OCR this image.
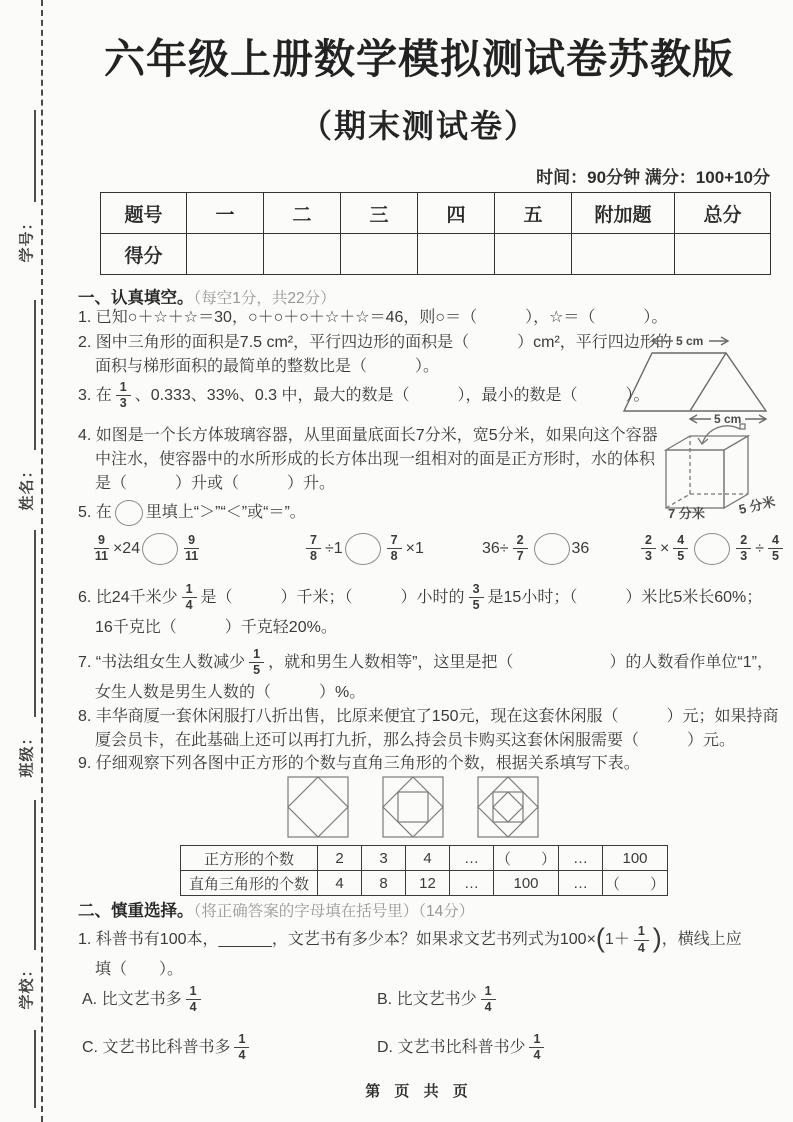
学号：
姓名：
班级：
学校：
六年级上册数学模拟测试卷苏教版
（期末测试卷）
时间：90分钟 满分：100+10分
题号	一	二	三	四	五	附加题	总分
得分							
一、认真填空。（每空1分，共22分）
1. 已知○＋☆＋☆＝30，○＋○＋○＋☆＋☆＝46，则○＝（　　　），☆＝（　　　）。
2. 图中三角形的面积是7.5 cm²，平行四边形的面积是（　　　）cm²，平行四边形的
面积与梯形面积的最简单的整数比是（　　　）。
5 cm
5 cm
3. 在 $\frac{1}{3}$ 、0.333、33%、0.3 中，最大的数是（　　　），最小的数是（　　　）。
4. 如图是一个长方体玻璃容器，从里面量底面长7分米，宽5分米，如果向这个容器
中注水，使容器中的水所形成的长方体出现一组相对的面是正方形时，水的体积
是（　　　）升或（　　　）升。
7 分米 5 分米
5. 在 里填上“＞”“＜”或“＝”。
$\frac{9}{11} \times 24$	$\frac{9}{11}$	$\frac{7}{8} \div 1$	$\frac{7}{8} \times 1$	$36\div \frac{2}{7}$	36	$\frac{2}{3} \times \frac{4}{5}$	$\frac{2}{3} \div \frac{4}{5}$
6. 比24千米少 $\frac{1}{4}$ 是（　　　）千米；（　　　）小时的 $\frac{3}{5}$ 是15小时；（　　　）米比5米长60%；
16千克比（　　　）千克轻20%。
7. “书法组女生人数减少 $\frac{1}{5}$ ，就和男生人数相等”，这里是把（　　　　　　）的人数看作单位“1”，
女生人数是男生人数的（　　　）%。
8. 丰华商厦一套休闲服打八折出售，比原来便宜了150元，现在这套休闲服（　　　）元；如果持商
厦会员卡，在此基础上还可以再打九折，那么持会员卡购买这套休闲服需要（　　　）元。
9. 仔细观察下列各图中正方形的个数与直角三角形的个数，根据关系填写下表。
正方形的个数	2	3	4	…	（　　）	…	100
直角三角形的个数	4	8	12	…	100	…	（　　）
二、慎重选择。（将正确答案的字母填在括号里）（14分）
1. 科普书有100本，______，文艺书有多少本？如果求文艺书列式为$100\times(1+ \frac{1}{4}$ )，横线上应
填（　　）。
A. 比文艺书多 $\frac{1}{4}$	B. 比文艺书少 $\frac{1}{4}$
C. 文艺书比科普书多 $\frac{1}{4}$	D. 文艺书比科普书少 $\frac{1}{4}$
第 页 共 页
